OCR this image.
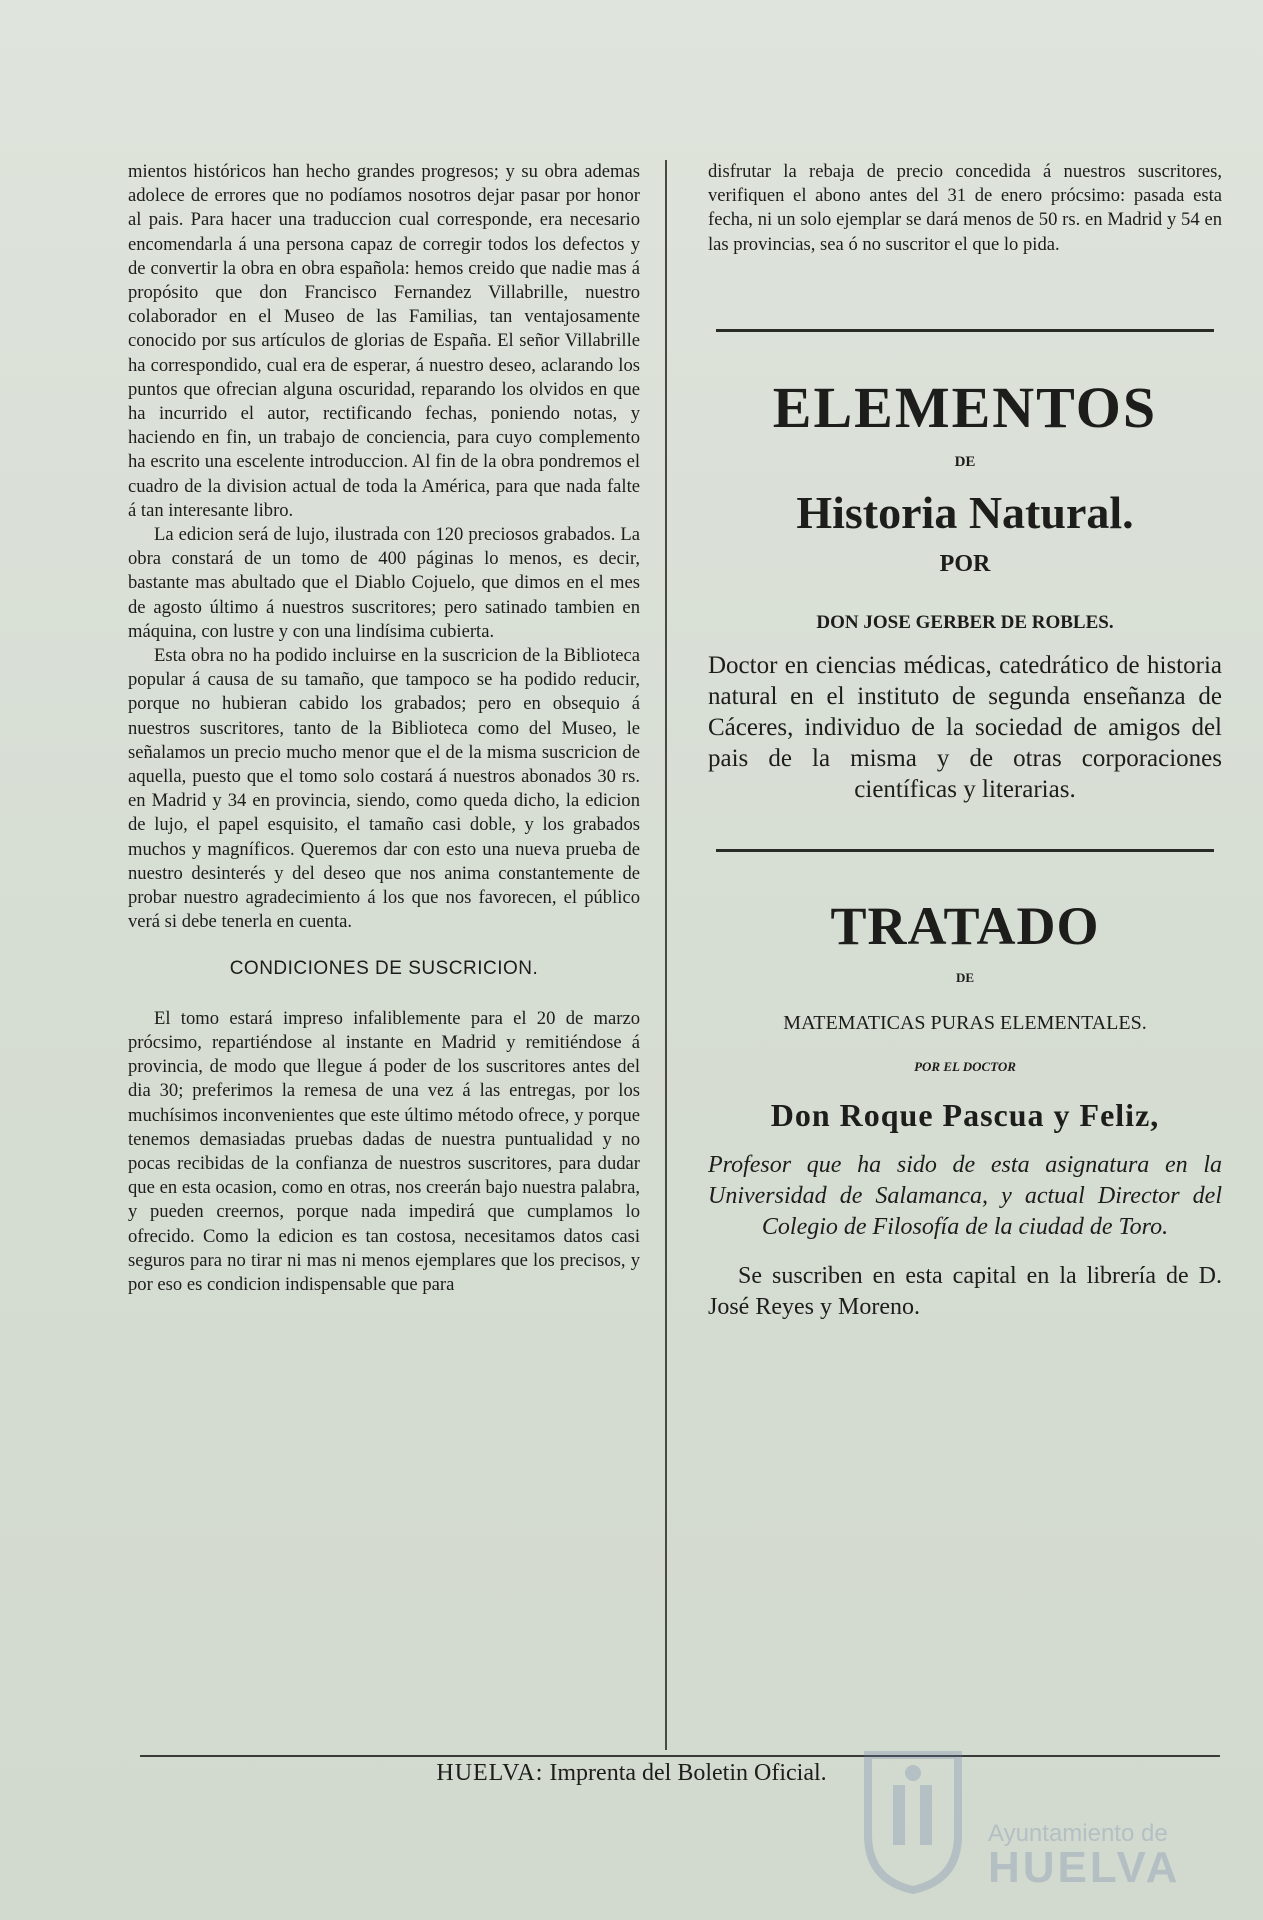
mientos históricos han hecho grandes progresos; y su obra ademas adolece de errores que no podíamos nosotros dejar pasar por honor al pais. Para hacer una traduccion cual corresponde, era necesario encomendarla á una persona capaz de corregir todos los defectos y de convertir la obra en obra española: hemos creido que nadie mas á propósito que don Francisco Fernandez Villabrille, nuestro colaborador en el Museo de las Familias, tan ventajosamente conocido por sus artículos de glorias de España. El señor Villabrille ha correspondido, cual era de esperar, á nuestro deseo, aclarando los puntos que ofrecian alguna oscuridad, reparando los olvidos en que ha incurrido el autor, rectificando fechas, poniendo notas, y haciendo en fin, un trabajo de conciencia, para cuyo complemento ha escrito una escelente introduccion. Al fin de la obra pondremos el cuadro de la division actual de toda la América, para que nada falte á tan interesante libro.

La edicion será de lujo, ilustrada con 120 preciosos grabados. La obra constará de un tomo de 400 páginas lo menos, es decir, bastante mas abultado que el Diablo Cojuelo, que dimos en el mes de agosto último á nuestros suscritores; pero satinado tambien en máquina, con lustre y con una lindísima cubierta.

Esta obra no ha podido incluirse en la suscricion de la Biblioteca popular á causa de su tamaño, que tampoco se ha podido reducir, porque no hubieran cabido los grabados; pero en obsequio á nuestros suscritores, tanto de la Biblioteca como del Museo, le señalamos un precio mucho menor que el de la misma suscricion de aquella, puesto que el tomo solo costará á nuestros abonados 30 rs. en Madrid y 34 en provincia, siendo, como queda dicho, la edicion de lujo, el papel esquisito, el tamaño casi doble, y los grabados muchos y magníficos. Queremos dar con esto una nueva prueba de nuestro desinterés y del deseo que nos anima constantemente de probar nuestro agradecimiento á los que nos favorecen, el público verá si debe tenerla en cuenta.

CONDICIONES DE SUSCRICION.

El tomo estará impreso infaliblemente para el 20 de marzo prócsimo, repartiéndose al instante en Madrid y remitiéndose á provincia, de modo que llegue á poder de los suscritores antes del dia 30; preferimos la remesa de una vez á las entregas, por los muchísimos inconvenientes que este último método ofrece, y porque tenemos demasiadas pruebas dadas de nuestra puntualidad y no pocas recibidas de la confianza de nuestros suscritores, para dudar que en esta ocasion, como en otras, nos creerán bajo nuestra palabra, y pueden creernos, porque nada impedirá que cumplamos lo ofrecido. Como la edicion es tan costosa, necesitamos datos casi seguros para no tirar ni mas ni menos ejemplares que los precisos, y por eso es condicion indispensable que para

disfrutar la rebaja de precio concedida á nuestros suscritores, verifiquen el abono antes del 31 de enero prócsimo: pasada esta fecha, ni un solo ejemplar se dará menos de 50 rs. en Madrid y 54 en las provincias, sea ó no suscritor el que lo pida.

ELEMENTOS

DE

Historia Natural.

POR

DON JOSE GERBER DE ROBLES.

Doctor en ciencias médicas, catedrático de historia natural en el instituto de segunda enseñanza de Cáceres, individuo de la sociedad de amigos del pais de la misma y de otras corporaciones científicas y literarias.

TRATADO

DE

MATEMATICAS PURAS ELEMENTALES.

POR EL DOCTOR

Don Roque Pascua y Feliz,

Profesor que ha sido de esta asignatura en la Universidad de Salamanca, y actual Director del Colegio de Filosofía de la ciudad de Toro.

Se suscriben en esta capital en la librería de D. José Reyes y Moreno.

HUELVA: Imprenta del Boletin Oficial.
Ayuntamiento de
HUELVA
